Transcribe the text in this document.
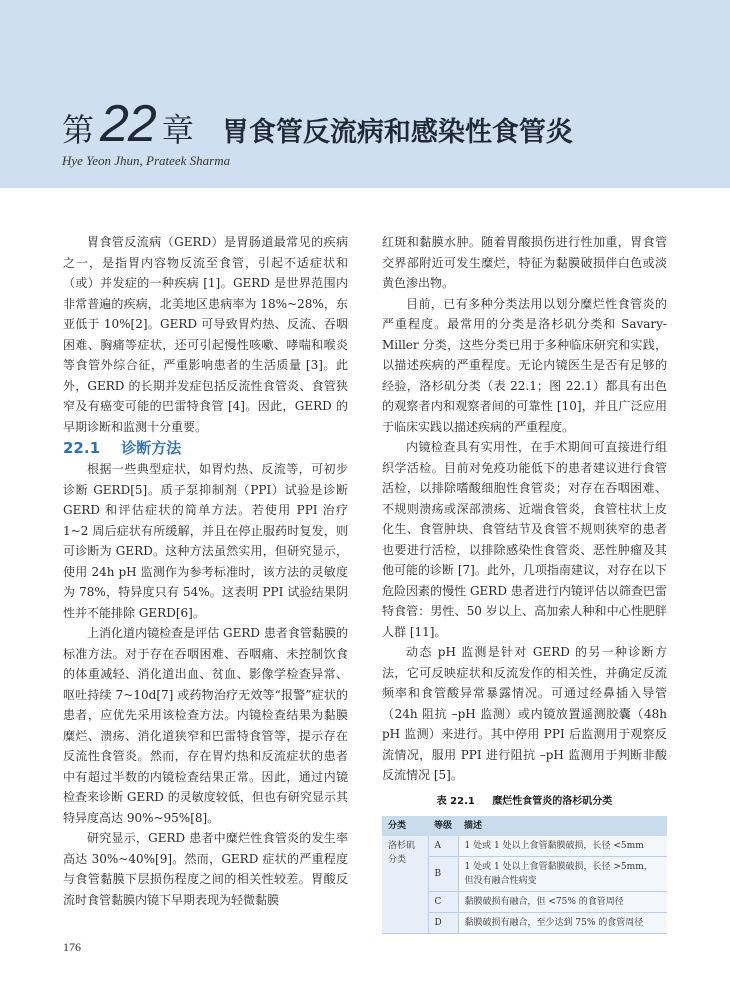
第 22 章 胃食管反流病和感染性食管炎
Hye Yeon Jhun, Prateek Sharma

胃食管反流病（GERD）是胃肠道最常见的疾病之一，是指胃内容物反流至食管，引起不适症状和（或）并发症的一种疾病 [1]。GERD 是世界范围内非常普遍的疾病，北美地区患病率为 18%~28%，东亚低于 10%[2]。GERD 可导致胃灼热、反流、吞咽困难、胸痛等症状，还可引起慢性咳嗽、哮喘和喉炎等食管外综合征，严重影响患者的生活质量 [3]。此外，GERD 的长期并发症包括反流性食管炎、食管狭窄及有癌变可能的巴雷特食管 [4]。因此，GERD 的早期诊断和监测十分重要。

22.1 诊断方法

根据一些典型症状，如胃灼热、反流等，可初步诊断 GERD[5]。质子泵抑制剂（PPI）试验是诊断 GERD 和评估症状的简单方法。若使用 PPI 治疗 1~2 周后症状有所缓解，并且在停止服药时复发，则可诊断为 GERD。这种方法虽然实用，但研究显示，使用 24h pH 监测作为参考标准时，该方法的灵敏度为 78%，特异度只有 54%。这表明 PPI 试验结果阴性并不能排除 GERD[6]。

上消化道内镜检查是评估 GERD 患者食管黏膜的标准方法。对于存在吞咽困难、吞咽痛、未控制饮食的体重减轻、消化道出血、贫血、影像学检查异常、呕吐持续 7~10d[7] 或药物治疗无效等“报警”症状的患者，应优先采用该检查方法。内镜检查结果为黏膜糜烂、溃疡、消化道狭窄和巴雷特食管等，提示存在反流性食管炎。然而，存在胃灼热和反流症状的患者中有超过半数的内镜检查结果正常。因此，通过内镜检查来诊断 GERD 的灵敏度较低，但也有研究显示其特异度高达 90%~95%[8]。

研究显示，GERD 患者中糜烂性食管炎的发生率高达 30%~40%[9]。然而，GERD 症状的严重程度与食管黏膜下层损伤程度之间的相关性较差。胃酸反流时食管黏膜内镜下早期表现为轻微黏膜

红斑和黏膜水肿。随着胃酸损伤进行性加重，胃食管交界部附近可发生糜烂，特征为黏膜破损伴白色或淡黄色渗出物。

目前，已有多种分类法用以划分糜烂性食管炎的严重程度。最常用的分类是洛杉矶分类和 Savary-Miller 分类，这些分类已用于多种临床研究和实践，以描述疾病的严重程度。无论内镜医生是否有足够的经验，洛杉矶分类（表 22.1；图 22.1）都具有出色的观察者内和观察者间的可靠性 [10]，并且广泛应用于临床实践以描述疾病的严重程度。

内镜检查具有实用性，在手术期间可直接进行组织学活检。目前对免疫功能低下的患者建议进行食管活检，以排除嗜酸细胞性食管炎；对存在吞咽困难、不规则溃疡或深部溃疡、近端食管炎，食管柱状上皮化生、食管肿块、食管结节及食管不规则狭窄的患者也要进行活检，以排除感染性食管炎、恶性肿瘤及其他可能的诊断 [7]。此外，几项指南建议，对存在以下危险因素的慢性 GERD 患者进行内镜评估以筛查巴雷特食管：男性、50 岁以上、高加索人种和中心性肥胖人群 [11]。

动态 pH 监测是针对 GERD 的另一种诊断方法，它可反映症状和反流发作的相关性，并确定反流频率和食管酸异常暴露情况。可通过经鼻插入导管（24h 阻抗 –pH 监测）或内镜放置遥测胶囊（48h pH 监测）来进行。其中停用 PPI 后监测用于观察反流情况，服用 PPI 进行阻抗 –pH 监测用于判断非酸反流情况 [5]。

表 22.1 糜烂性食管炎的洛杉矶分类
分类	等级	描述
洛杉矶分类	A	1 处或 1 处以上食管黏膜破损，长径 <5mm
	B	1 处或 1 处以上食管黏膜破损，长径 >5mm，但没有融合性病变
	C	黏膜破损有融合，但 <75% 的食管周径
	D	黏膜破损有融合，至少达到 75% 的食管周径
176
